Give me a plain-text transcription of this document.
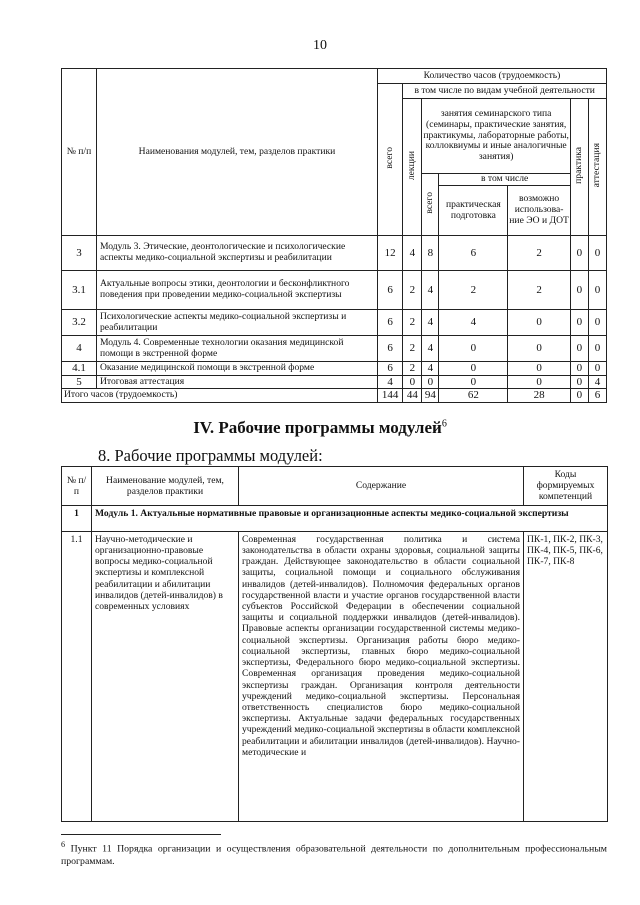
10
№ п/п	Наименования модулей, тем, разделов практики	Количество часов (трудоемкость)						
		всего	в том числе по видам учебной деятельности					
			лекции	занятия семинарского типа (семинары, практические занятия, практикумы, лабораторные работы, коллоквиумы и иные аналогичные занятия)			практика	аттестация
				всего	в том числе			
					практическая подготовка	возможно использова-ние ЭО и ДОТ		
3	Модуль 3. Этические, деонтологические и психологические аспекты медико-социальной экспертизы и реабилитации	12	4	8	6	2	0	0
3.1	Актуальные вопросы этики, деонтологии и бесконфликтного поведения при проведении медико-социальной экспертизы	6	2	4	2	2	0	0
3.2	Психологические аспекты медико-социальной экспертизы и реабилитации	6	2	4	4	0	0	0
4	Модуль 4. Современные технологии оказания медицинской помощи в экстренной форме	6	2	4	0	0	0	0
4.1	Оказание медицинской помощи в экстренной форме	6	2	4	0	0	0	0
5	Итоговая аттестация	4	0	0	0	0	0	4
Итого часов (трудоемкость)		144	44	94	62	28	0	6
IV. Рабочие программы модулей$^6$
8. Рабочие программы модулей:
№ п/п	Наименование модулей, тем, разделов практики	Содержание	Коды формируемых компетенций
1	Модуль 1. Актуальные нормативные правовые и организационные аспекты медико-социальной экспертизы		
1.1	Научно-методические и организационно-правовые вопросы медико-социальной экспертизы и комплексной реабилитации и абилитации инвалидов (детей-инвалидов) в современных условиях	Современная государственная политика и система законодательства в области охраны здоровья, социальной защиты граждан. Действующее законодательство в области социальной защиты, социальной помощи и социального обслуживания инвалидов (детей-инвалидов). Полномочия федеральных органов государственной власти и участие органов государственной власти субъектов Российской Федерации в обеспечении социальной защиты и социальной поддержки инвалидов (детей-инвалидов). Правовые аспекты организации государственной системы медико-социальной экспертизы. Организация работы бюро медико-социальной экспертизы, главных бюро медико-социальной экспертизы, Федерального бюро медико-социальной экспертизы. Современная организация проведения медико-социальной экспертизы граждан. Организация контроля деятельности учреждений медико-социальной экспертизы. Персональная ответственность специалистов бюро медико-социальной экспертизы. Актуальные задачи федеральных государственных учреждений медико-социальной экспертизы в области комплексной реабилитации и абилитации инвалидов (детей-инвалидов). Научно-методические и	ПК-1, ПК-2, ПК-3, ПК-4, ПК-5, ПК-6, ПК-7, ПК-8
$^6$ Пункт 11 Порядка организации и осуществления образовательной деятельности по дополнительным профессиональным программам.
